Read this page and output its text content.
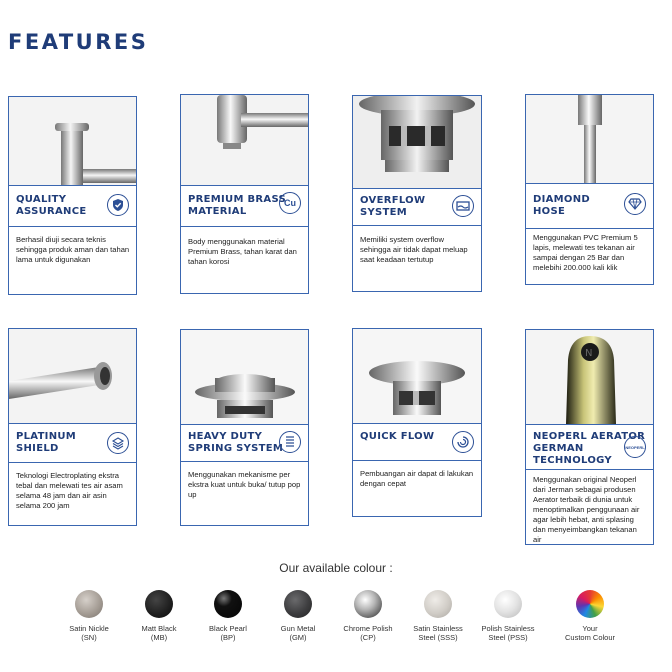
FEATURES
QUALITY
ASSURANCE
Berhasil diuji secara teknis sehingga produk aman dan tahan lama untuk digunakan
PREMIUM BRASS
MATERIAL
Cu
Body menggunakan material Premium Brass, tahan karat dan tahan korosi
OVERFLOW
SYSTEM
Memiliki system overflow sehingga air tidak dapat meluap saat keadaan tertutup
DIAMOND
HOSE
Menggunakan PVC Premium 5 lapis, melewati tes tekanan air sampai dengan 25 Bar dan melebihi 200.000 kali klik
PLATINUM
SHIELD
Teknologi Electroplating ekstra tebal dan melewati tes air asam selama 48 jam dan air asin selama 200 jam
HEAVY DUTY
SPRING SYSTEM
Menggunakan mekanisme per ekstra kuat untuk buka/ tutup pop up
QUICK FLOW
Pembuangan air dapat di lakukan dengan cepat
N
NEOPERL AERATOR
GERMAN
TECHNOLOGY
NEOPERL
Menggunakan original Neoperl dari Jerman sebagai produsen Aerator terbaik di dunia untuk menoptimalkan penggunaan air agar lebih hebat, anti splasing dan menyeimbangkan tekanan air
Our available colour :
Satin Nickle
(SN)
Matt Black
(MB)
Black Pearl
(BP)
Gun Metal
(GM)
Chrome Polish
(CP)
Satin Stainless
Steel (SSS)
Polish Stainless
Steel (PSS)
Your
Custom Colour
